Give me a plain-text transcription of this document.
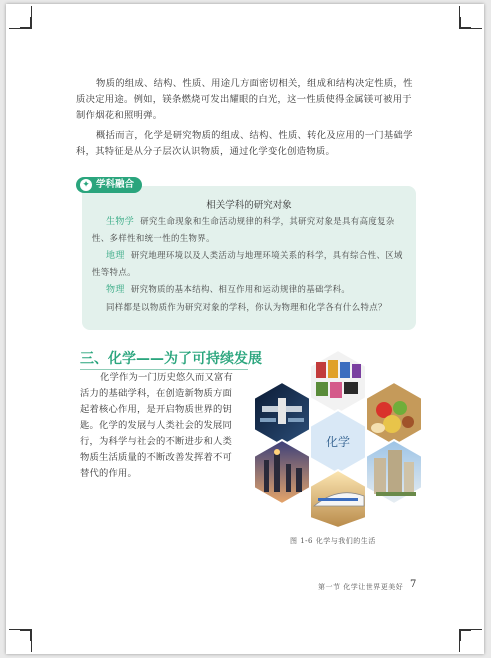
物质的组成、结构、性质、用途几方面密切相关，组成和结构决定性质，性质决定用途。例如，镁条燃烧可发出耀眼的白光，这一性质使得金属镁可被用于制作烟花和照明弹。

概括而言，化学是研究物质的组成、结构、性质、转化及应用的一门基础学科，其特征是从分子层次认识物质，通过化学变化创造物质。

✦ 学科融合

相关学科的研究对象

生物学 研究生命现象和生命活动规律的科学，其研究对象是具有高度复杂性、多样性和统一性的生物界。

地理 研究地理环境以及人类活动与地理环境关系的科学，具有综合性、区域性等特点。

物理 研究物质的基本结构、相互作用和运动规律的基础学科。

同样都是以物质作为研究对象的学科，你认为物理和化学各有什么特点？

三、化学——为了可持续发展

化学作为一门历史悠久而又富有活力的基础学科，在创造新物质方面起着核心作用，是开启物质世界的钥匙。化学的发展与人类社会的发展同行，为科学与社会的不断进步和人类物质生活质量的不断改善发挥着不可替代的作用。

化学

图 1-6 化学与我们的生活

第一节 化学让世界更美好 7
